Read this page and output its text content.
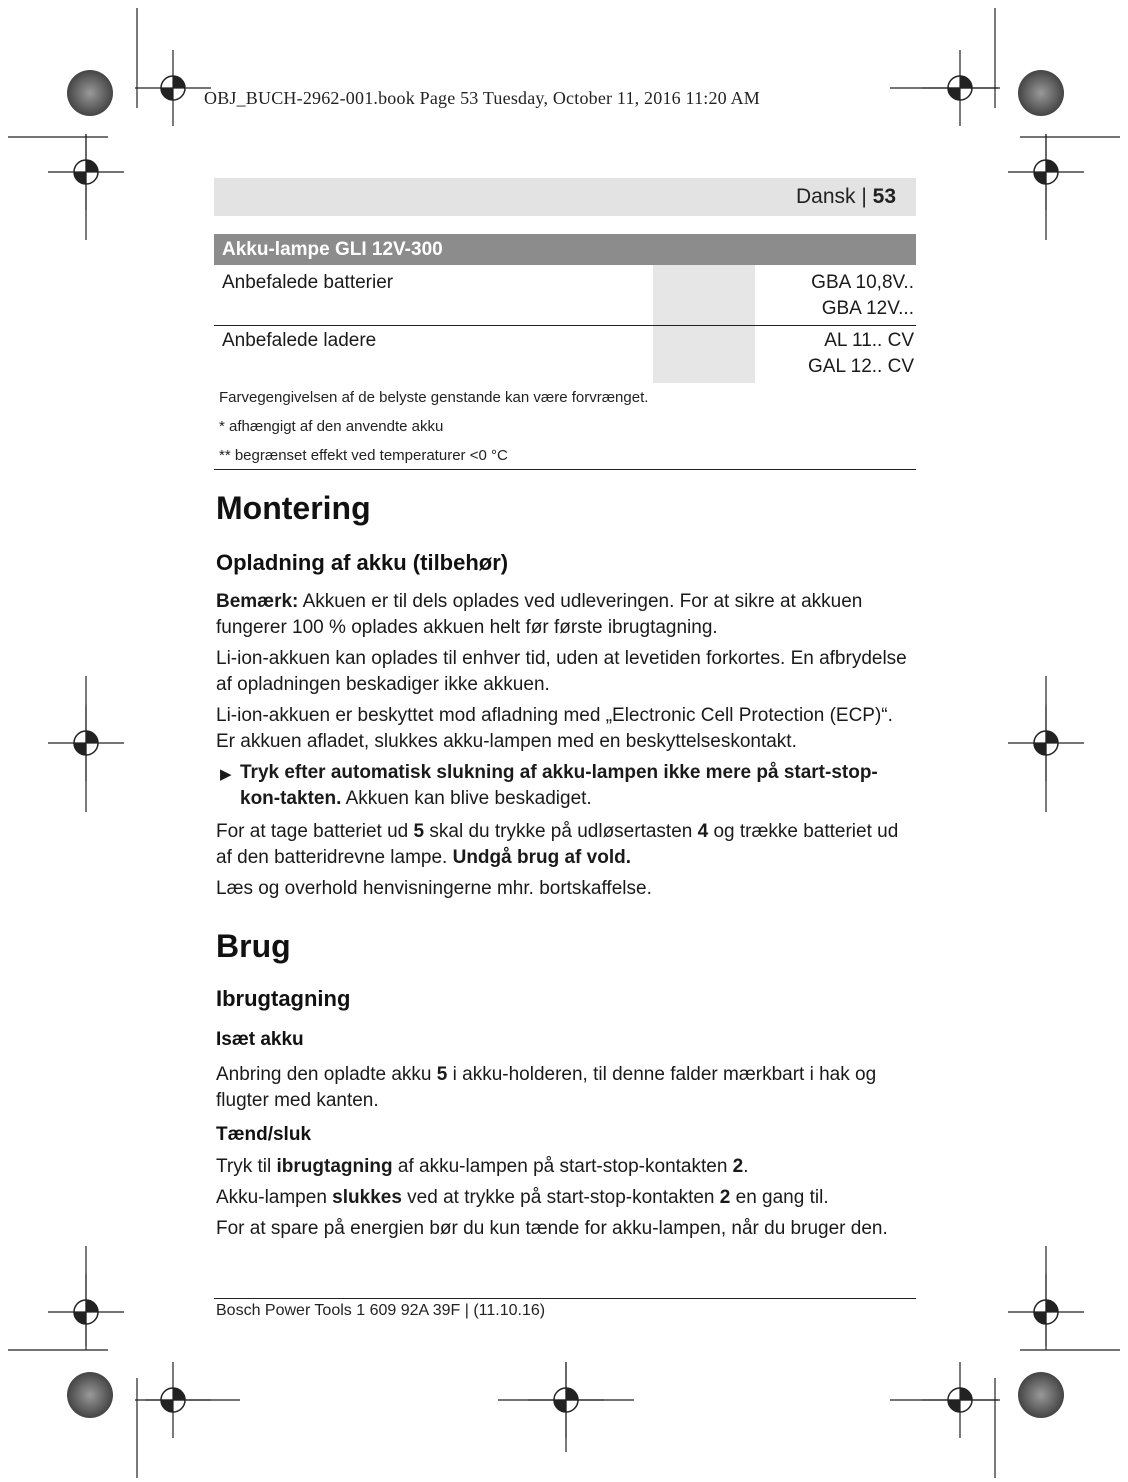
OBJ_BUCH-2962-001.book Page 53 Tuesday, October 11, 2016 11:20 AM
Dansk | 53
Akku-lampe GLI 12V-300
Anbefalede batterier	GBA 10,8V..
GBA 12V...
Anbefalede ladere	AL 11.. CV
GAL 12.. CV
Farvegengivelsen af de belyste genstande kan være forvrænget.
* afhængigt af den anvendte akku
** begrænset effekt ved temperaturer <0 °C
Montering
Opladning af akku (tilbehør)

Bemærk: Akkuen er til dels oplades ved udleveringen. For at sikre at akkuen fungerer 100 % oplades akkuen helt før første ibrugtagning.

Li-ion-akkuen kan oplades til enhver tid, uden at levetiden forkortes. En afbrydelse af opladningen beskadiger ikke akkuen.

Li-ion-akkuen er beskyttet mod afladning med „Electronic Cell Protection (ECP)“. Er akkuen afladet, slukkes akku-lampen med en beskyttelseskontakt.

▶ Tryk efter automatisk slukning af akku-lampen ikke mere på start-stop-kon-takten. Akkuen kan blive beskadiget.

For at tage batteriet ud 5 skal du trykke på udløsertasten 4 og trække batteriet ud af den batteridrevne lampe. Undgå brug af vold.

Læs og overhold henvisningerne mhr. bortskaffelse.

Brug
Ibrugtagning
Isæt akku

Anbring den opladte akku 5 i akku-holderen, til denne falder mærkbart i hak og flugter med kanten.

Tænd/sluk

Tryk til ibrugtagning af akku-lampen på start-stop-kontakten 2.

Akku-lampen slukkes ved at trykke på start-stop-kontakten 2 en gang til.

For at spare på energien bør du kun tænde for akku-lampen, når du bruger den.

Bosch Power Tools 1 609 92A 39F | (11.10.16)
